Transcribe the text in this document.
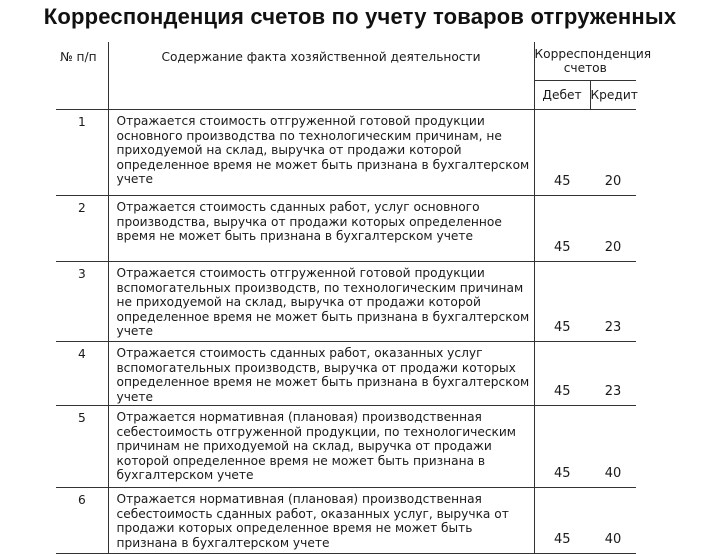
Корреспонденция счетов по учету товаров отгруженных
№ п/п	Содержание факта хозяйственной деятельности	Корреспонденция счетов	
		Дебет	Кредит
1	Отражается стоимость отгруженной готовой продукции основного производства по технологическим причинам, не приходуемой на склад, выручка от продажи которой определенное время не может быть признана в бухгалтерском учете	45	20
2	Отражается стоимость сданных работ, услуг основного производства, выручка от продажи которых определенное время не может быть признана в бухгалтерском учете	45	20
3	Отражается стоимость отгруженной готовой продукции вспомогательных производств, по технологическим причинам не приходуемой на склад, выручка от продажи которой определенное время не может быть признана в бухгалтерском учете	45	23
4	Отражается стоимость сданных работ, оказанных услуг вспомогательных производств, выручка от продажи которых определенное время не может быть признана в бухгалтерском учете	45	23
5	Отражается нормативная (плановая) производственная себестоимость отгруженной продукции, по технологическим причинам не приходуемой на склад, выручка от продажи которой определенное время не может быть признана в бухгалтерском учете	45	40
6	Отражается нормативная (плановая) производственная себестоимость сданных работ, оказанных услуг, выручка от продажи которых определенное время не может быть признана в бухгалтерском учете	45	40
